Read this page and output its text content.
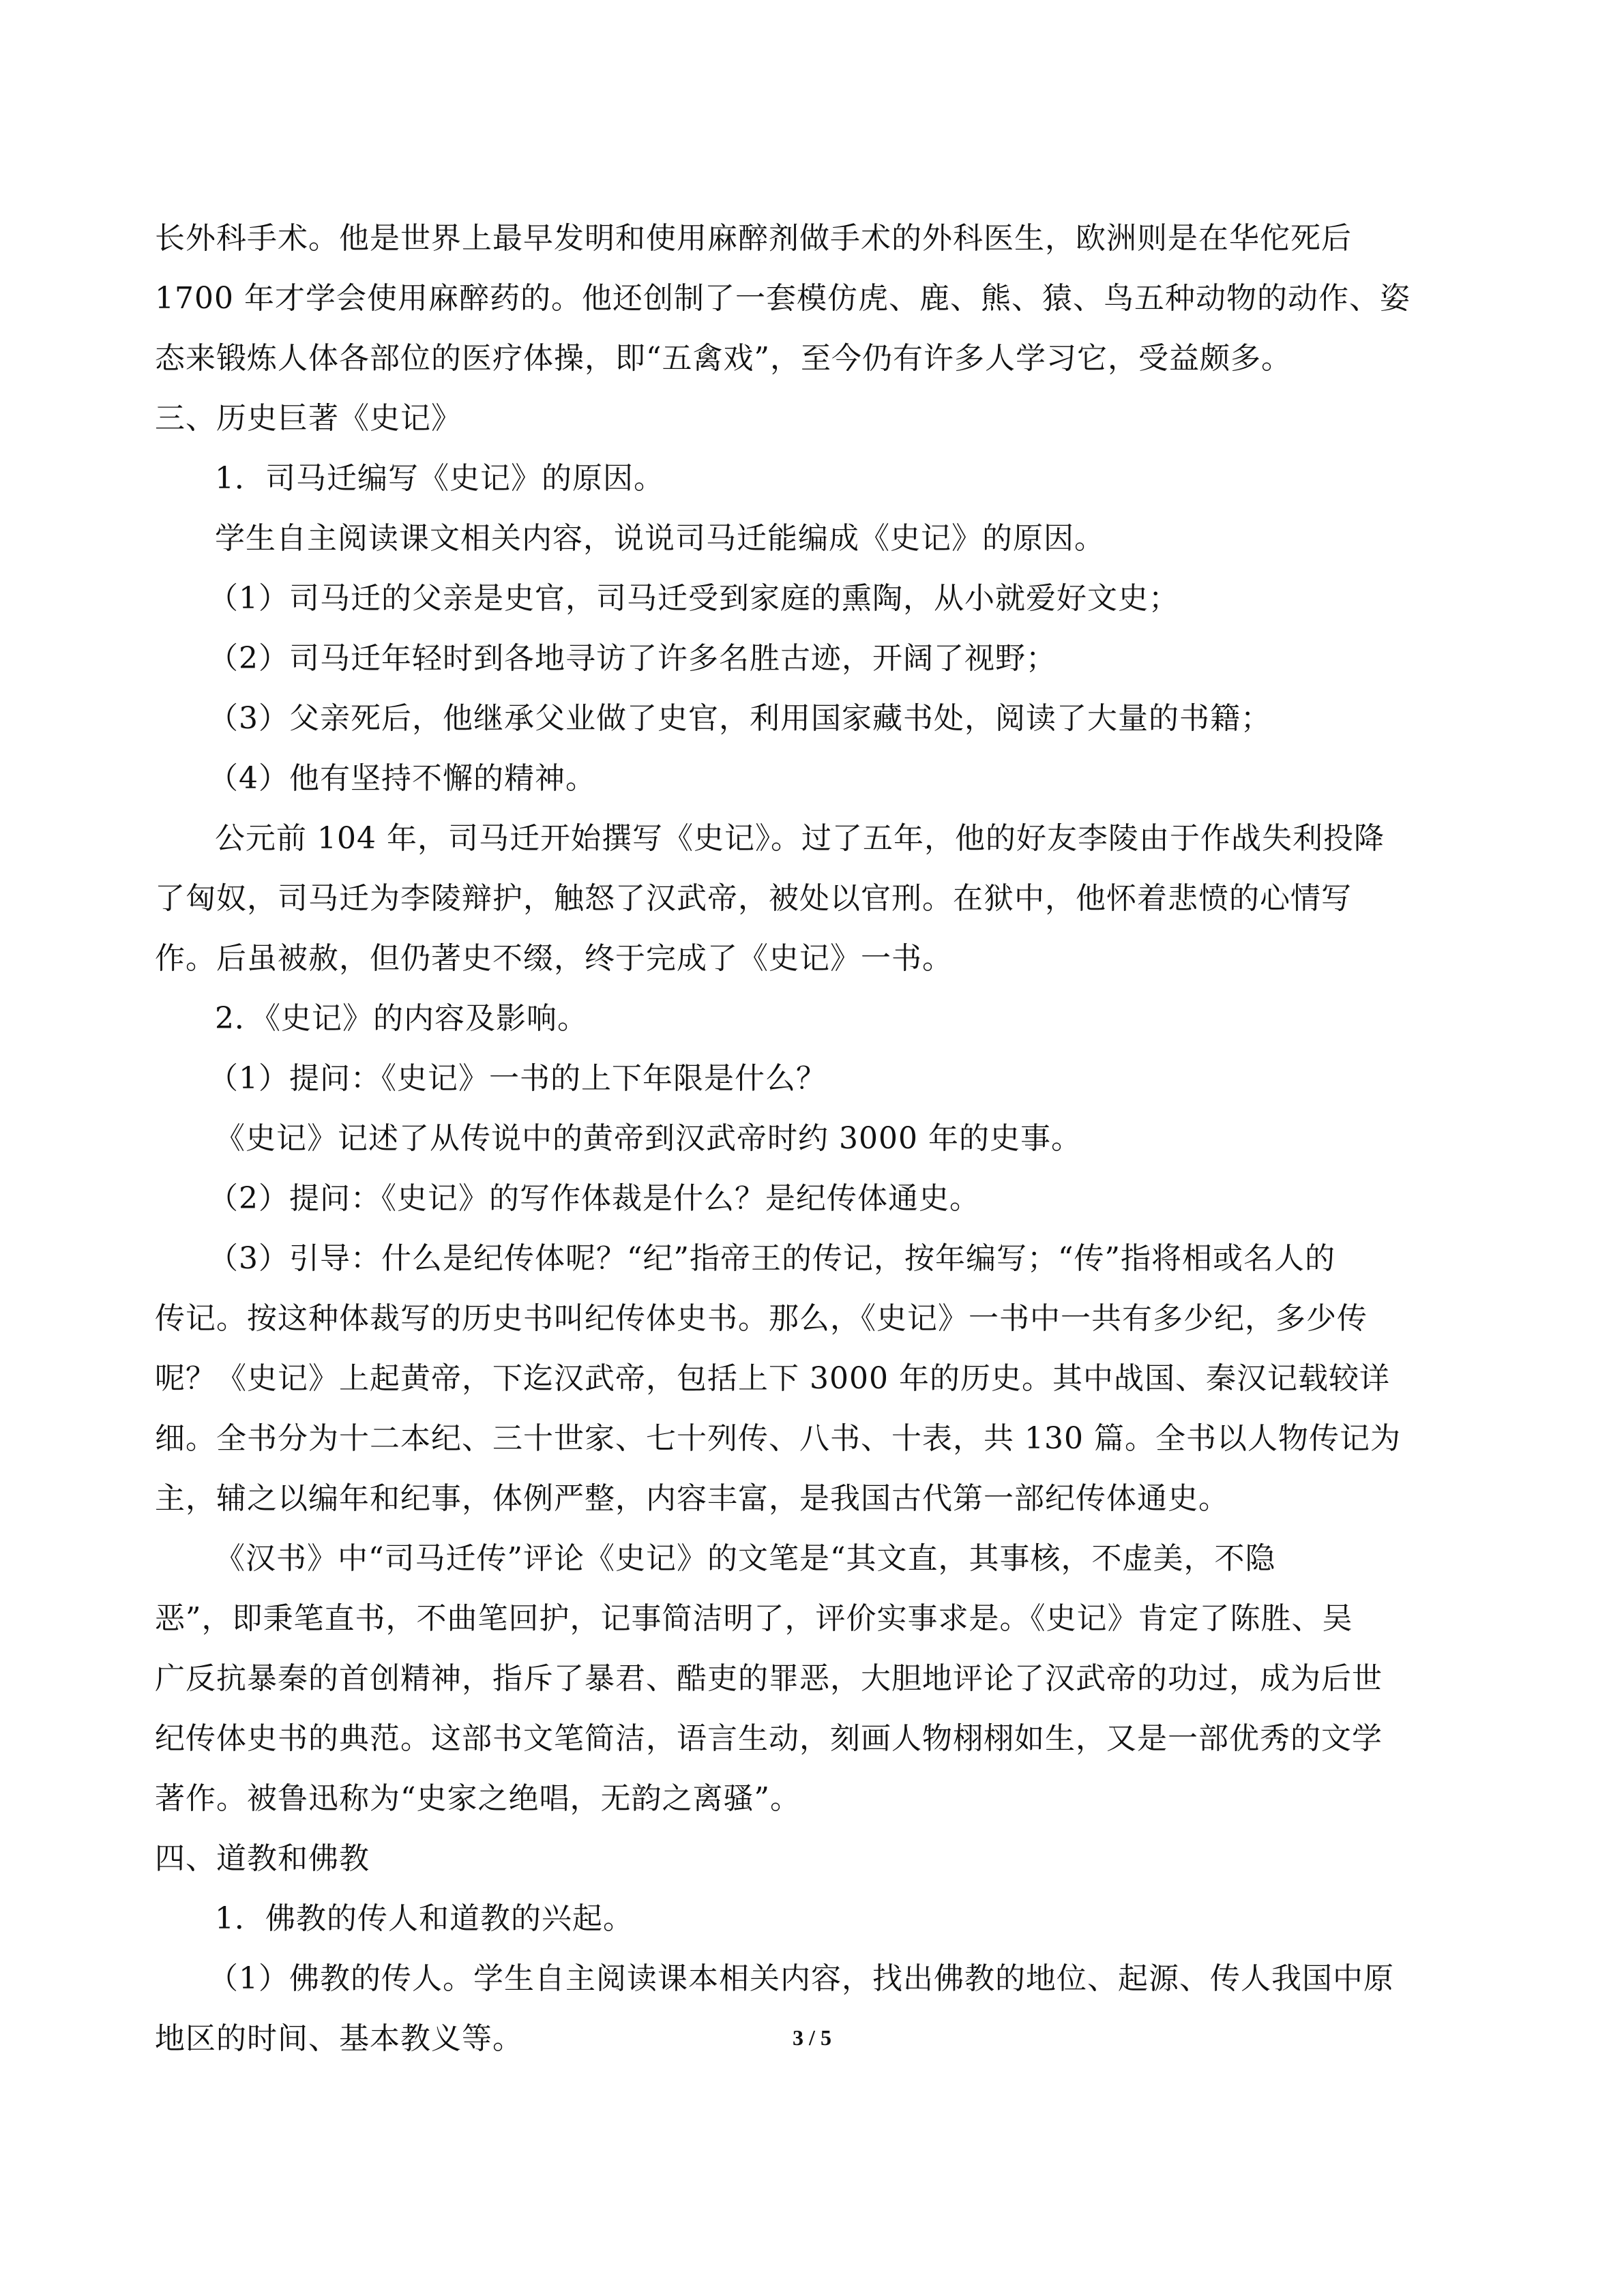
长外科手术。他是世界上最早发明和使用麻醉剂做手术的外科医生，欧洲则是在华佗死后
1700 年才学会使用麻醉药的。他还创制了一套模仿虎、鹿、熊、猿、鸟五种动物的动作、姿
态来锻炼人体各部位的医疗体操，即“五禽戏”，至今仍有许多人学习它，受益颇多。
三、历史巨著《史记》
1．司马迁编写《史记》的原因。
学生自主阅读课文相关内容，说说司马迁能编成《史记》的原因。
（1）司马迁的父亲是史官，司马迁受到家庭的熏陶，从小就爱好文史；
（2）司马迁年轻时到各地寻访了许多名胜古迹，开阔了视野；
（3）父亲死后，他继承父业做了史官，利用国家藏书处，阅读了大量的书籍；
（4）他有坚持不懈的精神。
公元前 104 年，司马迁开始撰写《史记》。过了五年，他的好友李陵由于作战失利投降
了匈奴，司马迁为李陵辩护，触怒了汉武帝，被处以官刑。在狱中，他怀着悲愤的心情写
作。后虽被赦，但仍著史不缀，终于完成了《史记》一书。
2．《史记》的内容及影响。
（1）提问：《史记》一书的上下年限是什么？
《史记》记述了从传说中的黄帝到汉武帝时约 3000 年的史事。
（2）提问：《史记》的写作体裁是什么？是纪传体通史。
（3）引导：什么是纪传体呢？“纪”指帝王的传记，按年编写；“传”指将相或名人的
传记。按这种体裁写的历史书叫纪传体史书。那么，《史记》一书中一共有多少纪，多少传
呢？《史记》上起黄帝，下迄汉武帝，包括上下 3000 年的历史。其中战国、秦汉记载较详
细。全书分为十二本纪、三十世家、七十列传、八书、十表，共 130 篇。全书以人物传记为
主，辅之以编年和纪事，体例严整，内容丰富，是我国古代第一部纪传体通史。
《汉书》中“司马迁传”评论《史记》的文笔是“其文直，其事核，不虚美，不隐
恶”，即秉笔直书，不曲笔回护，记事简洁明了，评价实事求是。《史记》肯定了陈胜、吴
广反抗暴秦的首创精神，指斥了暴君、酷吏的罪恶，大胆地评论了汉武帝的功过，成为后世
纪传体史书的典范。这部书文笔简洁，语言生动，刻画人物栩栩如生，又是一部优秀的文学
著作。被鲁迅称为“史家之绝唱，无韵之离骚”。
四、道教和佛教
1．佛教的传人和道教的兴起。
（1）佛教的传人。学生自主阅读课本相关内容，找出佛教的地位、起源、传人我国中原
地区的时间、基本教义等。	3 / 5
